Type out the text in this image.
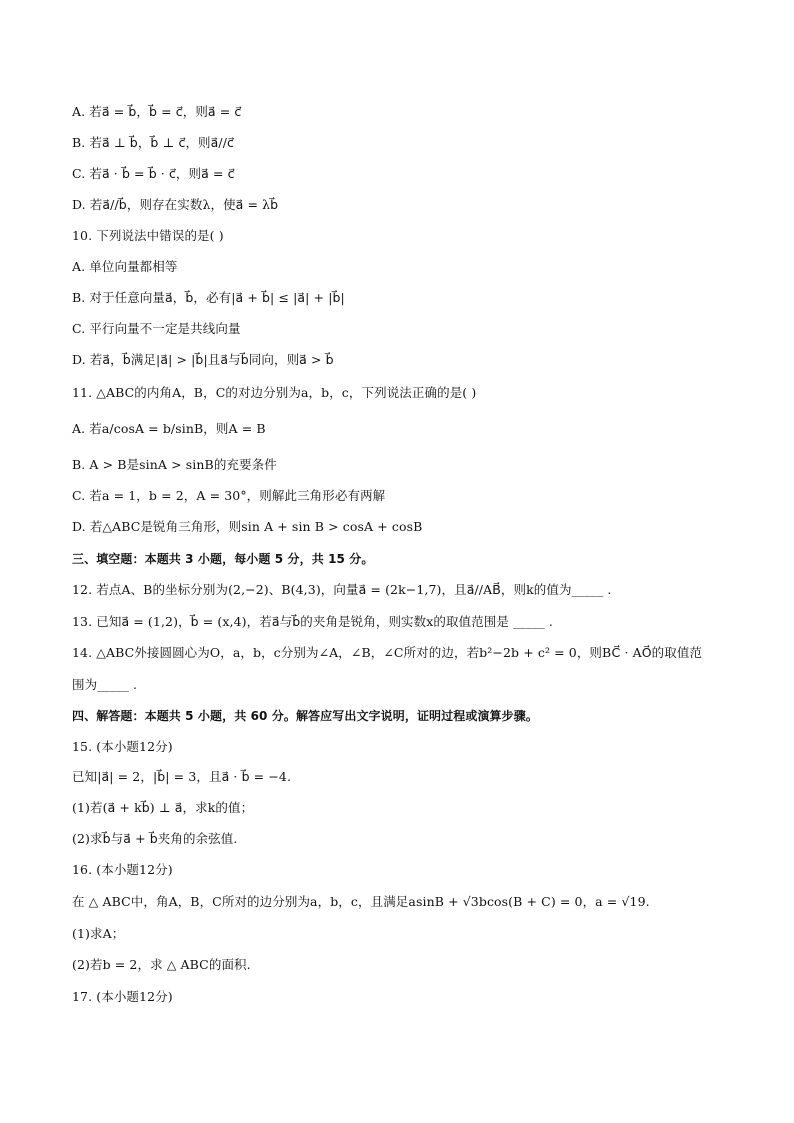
A. 若a⃗ = b⃗，b⃗ = c⃗，则a⃗ = c⃗
B. 若a⃗ ⊥ b⃗，b⃗ ⊥ c⃗，则a⃗//c⃗
C. 若a⃗ · b⃗ = b⃗ · c⃗，则a⃗ = c⃗
D. 若a⃗//b⃗，则存在实数λ，使a⃗ = λb⃗
10. 下列说法中错误的是( )
A. 单位向量都相等
B. 对于任意向量a⃗，b⃗，必有|a⃗ + b⃗| ≤ |a⃗| + |b⃗|
C. 平行向量不一定是共线向量
D. 若a⃗，b⃗满足|a⃗| > |b⃗|且a⃗与b⃗同向，则a⃗ > b⃗
11. △ABC的内角A，B，C的对边分别为a，b，c，下列说法正确的是( )
A. 若a/cosA = b/sinB，则A = B
B. A > B是sinA > sinB的充要条件
C. 若a = 1，b = 2，A = 30°，则解此三角形必有两解
D. 若△ABC是锐角三角形，则sin A + sin B > cosA + cosB
三、填空题：本题共 3 小题，每小题 5 分，共 15 分。
12. 若点A、B的坐标分别为(2,−2)、B(4,3)，向量a⃗ = (2k−1,7)，且a⃗//AB⃗，则k的值为_____ .
13. 已知a⃗ = (1,2)，b⃗ = (x,4)，若a⃗与b⃗的夹角是锐角，则实数x的取值范围是 _____ .
14. △ABC外接圆圆心为O，a，b，c分别为∠A，∠B，∠C所对的边，若b²−2b + c² = 0，则BC⃗ · AO⃗的取值范
围为_____ .
四、解答题：本题共 5 小题，共 60 分。解答应写出文字说明，证明过程或演算步骤。
15. (本小题12分)
已知|a⃗| = 2，|b⃗| = 3，且a⃗ · b⃗ = −4.
(1)若(a⃗ + kb⃗) ⊥ a⃗，求k的值；
(2)求b⃗与a⃗ + b⃗夹角的余弦值.
16. (本小题12分)
在 △ ABC中，角A，B，C所对的边分别为a，b，c，且满足asinB + √3bcos(B + C) = 0，a = √19.
(1)求A；
(2)若b = 2，求 △ ABC的面积.
17. (本小题12分)
